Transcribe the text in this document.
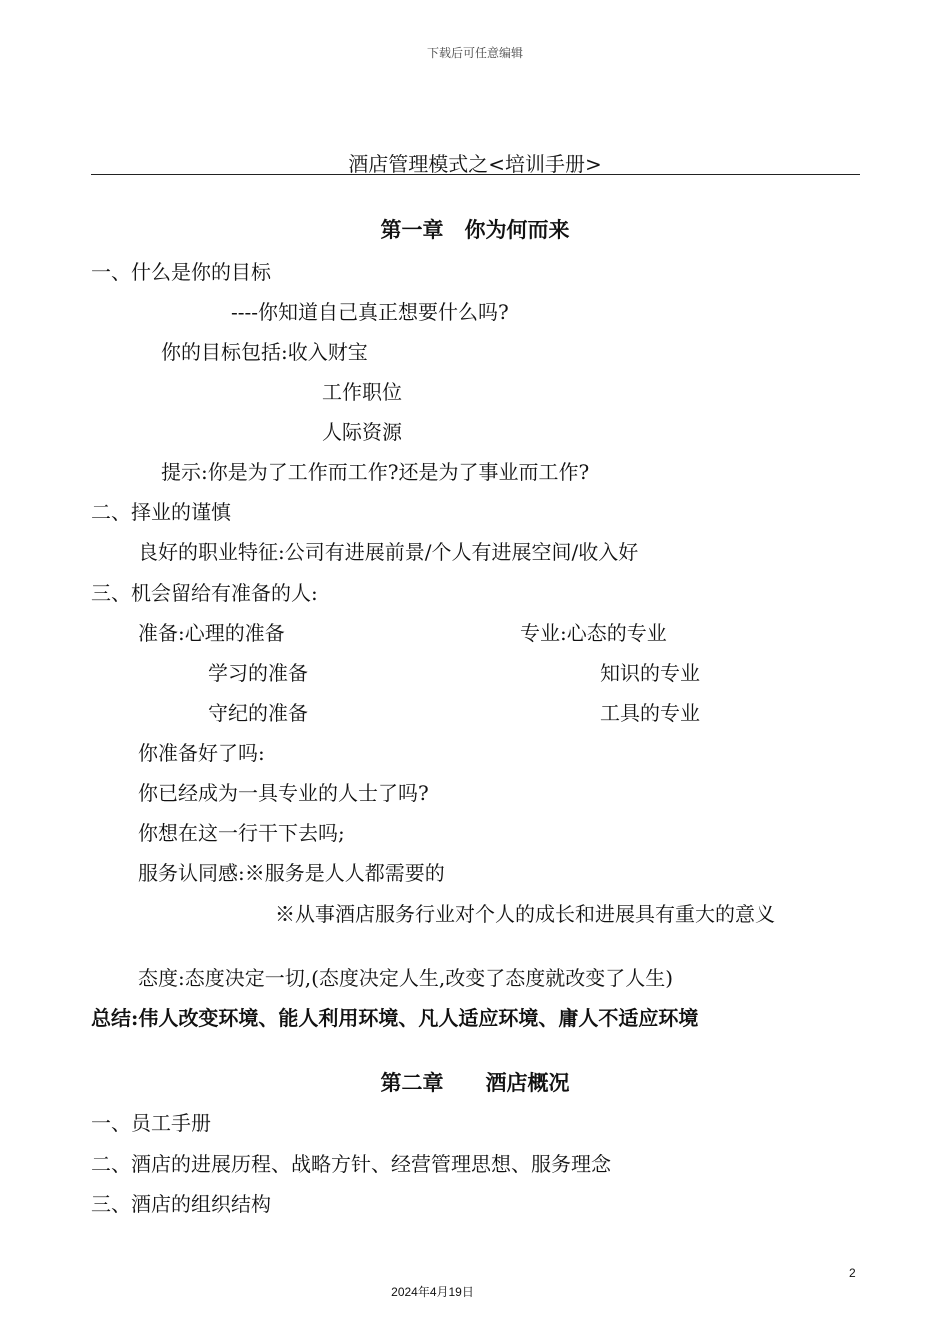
下载后可任意编辑
酒店管理模式之<培训手册>
第一章　你为何而来
一、什么是你的目标
----你知道自己真正想要什么吗?
你的目标包括:收入财宝
工作职位
人际资源
提示:你是为了工作而工作?还是为了事业而工作?
二、择业的谨慎
良好的职业特征:公司有进展前景/个人有进展空间/收入好
三、机会留给有准备的人:
准备:心理的准备	专业:心态的专业
学习的准备	知识的专业
守纪的准备	工具的专业
你准备好了吗:
你已经成为一具专业的人士了吗?
你想在这一行干下去吗;
服务认同感:※服务是人人都需要的
※从事酒店服务行业对个人的成长和进展具有重大的意义
态度:态度决定一切,(态度决定人生,改变了态度就改变了人生)
总结:伟人改变环境、能人利用环境、凡人适应环境、庸人不适应环境
第二章　　酒店概况
一、员工手册
二、酒店的进展历程、战略方针、经营管理思想、服务理念
三、酒店的组织结构
2
2024年4月19日
